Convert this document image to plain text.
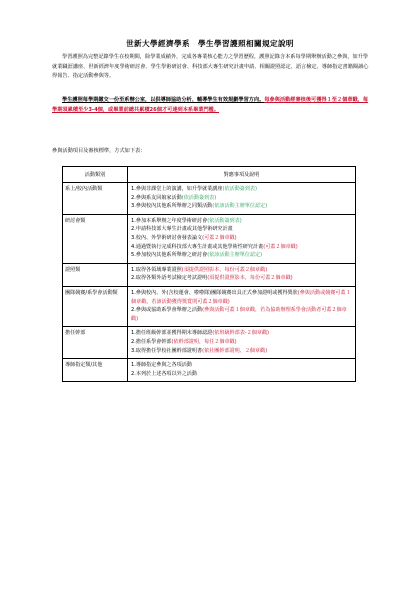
世新大學經濟學系　學生學習護照相關規定說明

學習護照為完整記錄學生在校期間，除學業成績外，完成各專業核心能力之學習歷程，護照記錄含本系每學期舉辦活動之參與，如升學就業職涯講座、世新經濟年度學術研討會、學生學術研討會、科技部大專生研究計畫申請、相關證照認定、語言檢定、導師指定書籍閱讀心得報告、指定活動參與等。

學生護照每學期繳交一份至系辦公室，以供導師協助分析、輔導學生有效規劃學習方向。每參與活動經審核後可獲得１至２個章戳，每學期須累積至少3-4個，或畢業前總共累積26個才可達到本系畢業門檻。

參與活動項目及審核標準，方式如下表：
活動類別	對應事項及說明
系上/校內活動類	1.參與非課堂上的演講，如升學就業講座(依活動簽到表)
2.參與系友回娘家活動(依活動簽到表)
3.參與校內其他系所舉辦之同類活動(依該活動主辦單位認定)

研討會類	1.參加本系舉辦之年度學術研討會(依活動簽到表)
2.申請科技部大專生計畫或其他學術研究計畫
3.校內、外學術研討會發表論文(可蓋２個章戳)
4.通過暨執行完成科技部大專生計畫或其他學術性研究計畫(可蓋２個章戳)
5.參加校內其他系所舉辦之研討會(依該活動主辦單位認定)

證照類	1.取得各領域專業證照(須提供證照影本，每份可蓋２個章戳)
2.取得各類外語考試檢定考試證明(須提供證照影本，每份可蓋２個章戳)

團隊競賽/系學會活動類	1.參與校內、外(含校運會、啦啦隊)團隊競賽出具正式參加證明或獲得獎狀(參與活動或競賽可蓋１個章戳，若該活動獲得獎賞則可蓋２個章戳)
2.參與或協助系學會舉辦之活動(參與活動可蓋１個章戳，若為協助辦理系學會活動者可蓋２個章戳)

擔任幹部	1.擔任班級幹部並獲得期末導師認證(依班級幹部表-２個章戳)
2.擔任系學會幹部(依幹部證明，每任２個章戳)
3.取得擔任學校社團幹部證明書(依社團幹部證明、２個章戳)

導師指定類/其他	1.導師指定參與之各項活動
2.本列於上述各項以外之活動
